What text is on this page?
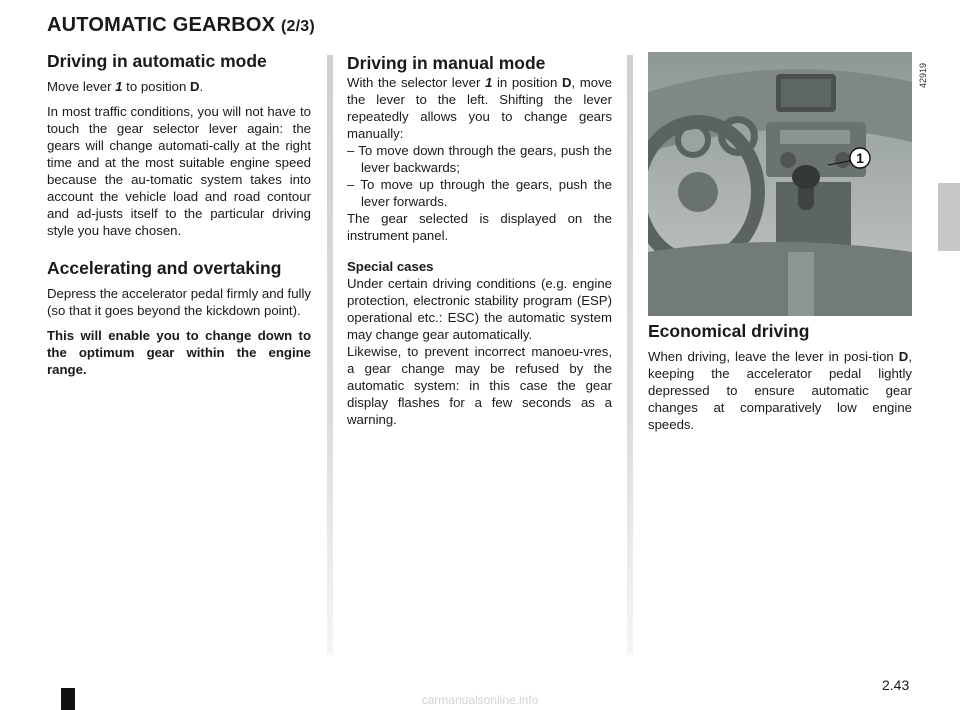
AUTOMATIC GEARBOX (2/3)
Driving in automatic mode

Move lever 1 to position D.

In most traffic conditions, you will not have to touch the gear selector lever again: the gears will change automati-cally at the right time and at the most suitable engine speed because the au-tomatic system takes into account the vehicle load and road contour and ad-justs itself to the particular driving style you have chosen.

Accelerating and overtaking

Depress the accelerator pedal firmly and fully (so that it goes beyond the kickdown point).

This will enable you to change down to the optimum gear within the engine range.

Driving in manual mode

With the selector lever 1 in position D, move the lever to the left. Shifting the lever repeatedly allows you to change gears manually:

– To move down through the gears, push the lever backwards;

– To move up through the gears, push the lever forwards.

The gear selected is displayed on the instrument panel.

Special cases

Under certain driving conditions (e.g. engine protection, electronic stability program (ESP) operational etc.: ESC) the automatic system may change gear automatically.

Likewise, to prevent incorrect manoeu-vres, a gear change may be refused by the automatic system: in this case the gear display flashes for a few seconds as a warning.

1
42919
Economical driving

When driving, leave the lever in posi-tion D, keeping the accelerator pedal lightly depressed to ensure automatic gear changes at comparatively low engine speeds.

2.43
carmanualsonline.info
